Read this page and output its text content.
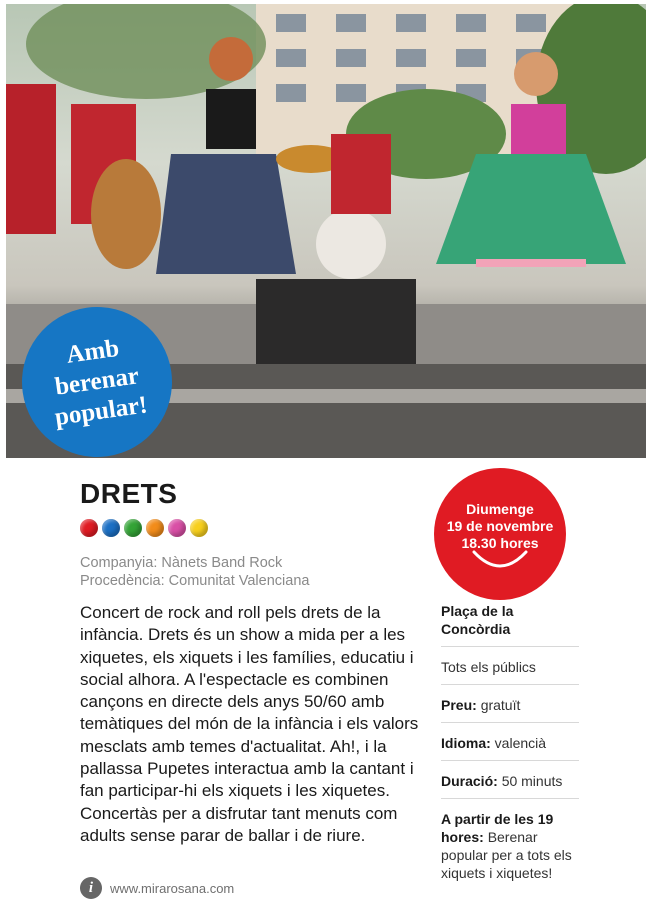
Amb
berenar
popular!
DRETS
Companyia: Nànets Band Rock
Procedència: Comunitat Valenciana

Concert de rock and roll pels drets de la infància. Drets és un show a mida per a les xiquetes, els xiquets i les famílies, educatiu i social alhora. A l'espectacle es combinen cançons en directe dels anys 50/60 amb temàtiques del món de la infància i els valors mesclats amb temes d'actualitat. Ah!, i la pallassa Pupetes interactua amb la cantant i fan participar-hi els xiquets i les xiquetes. Concertàs per a disfrutar tant menuts com adults sense parar de ballar i de riure.

i	www.mirarosana.com
Diumenge
19 de novembre
18.30 hores
Plaça de la Concòrdia
Tots els públics
Preu: gratuït
Idioma: valencià
Duració: 50 minuts
A partir de les 19 hores: Berenar popular per a tots els xiquets i xiquetes!
